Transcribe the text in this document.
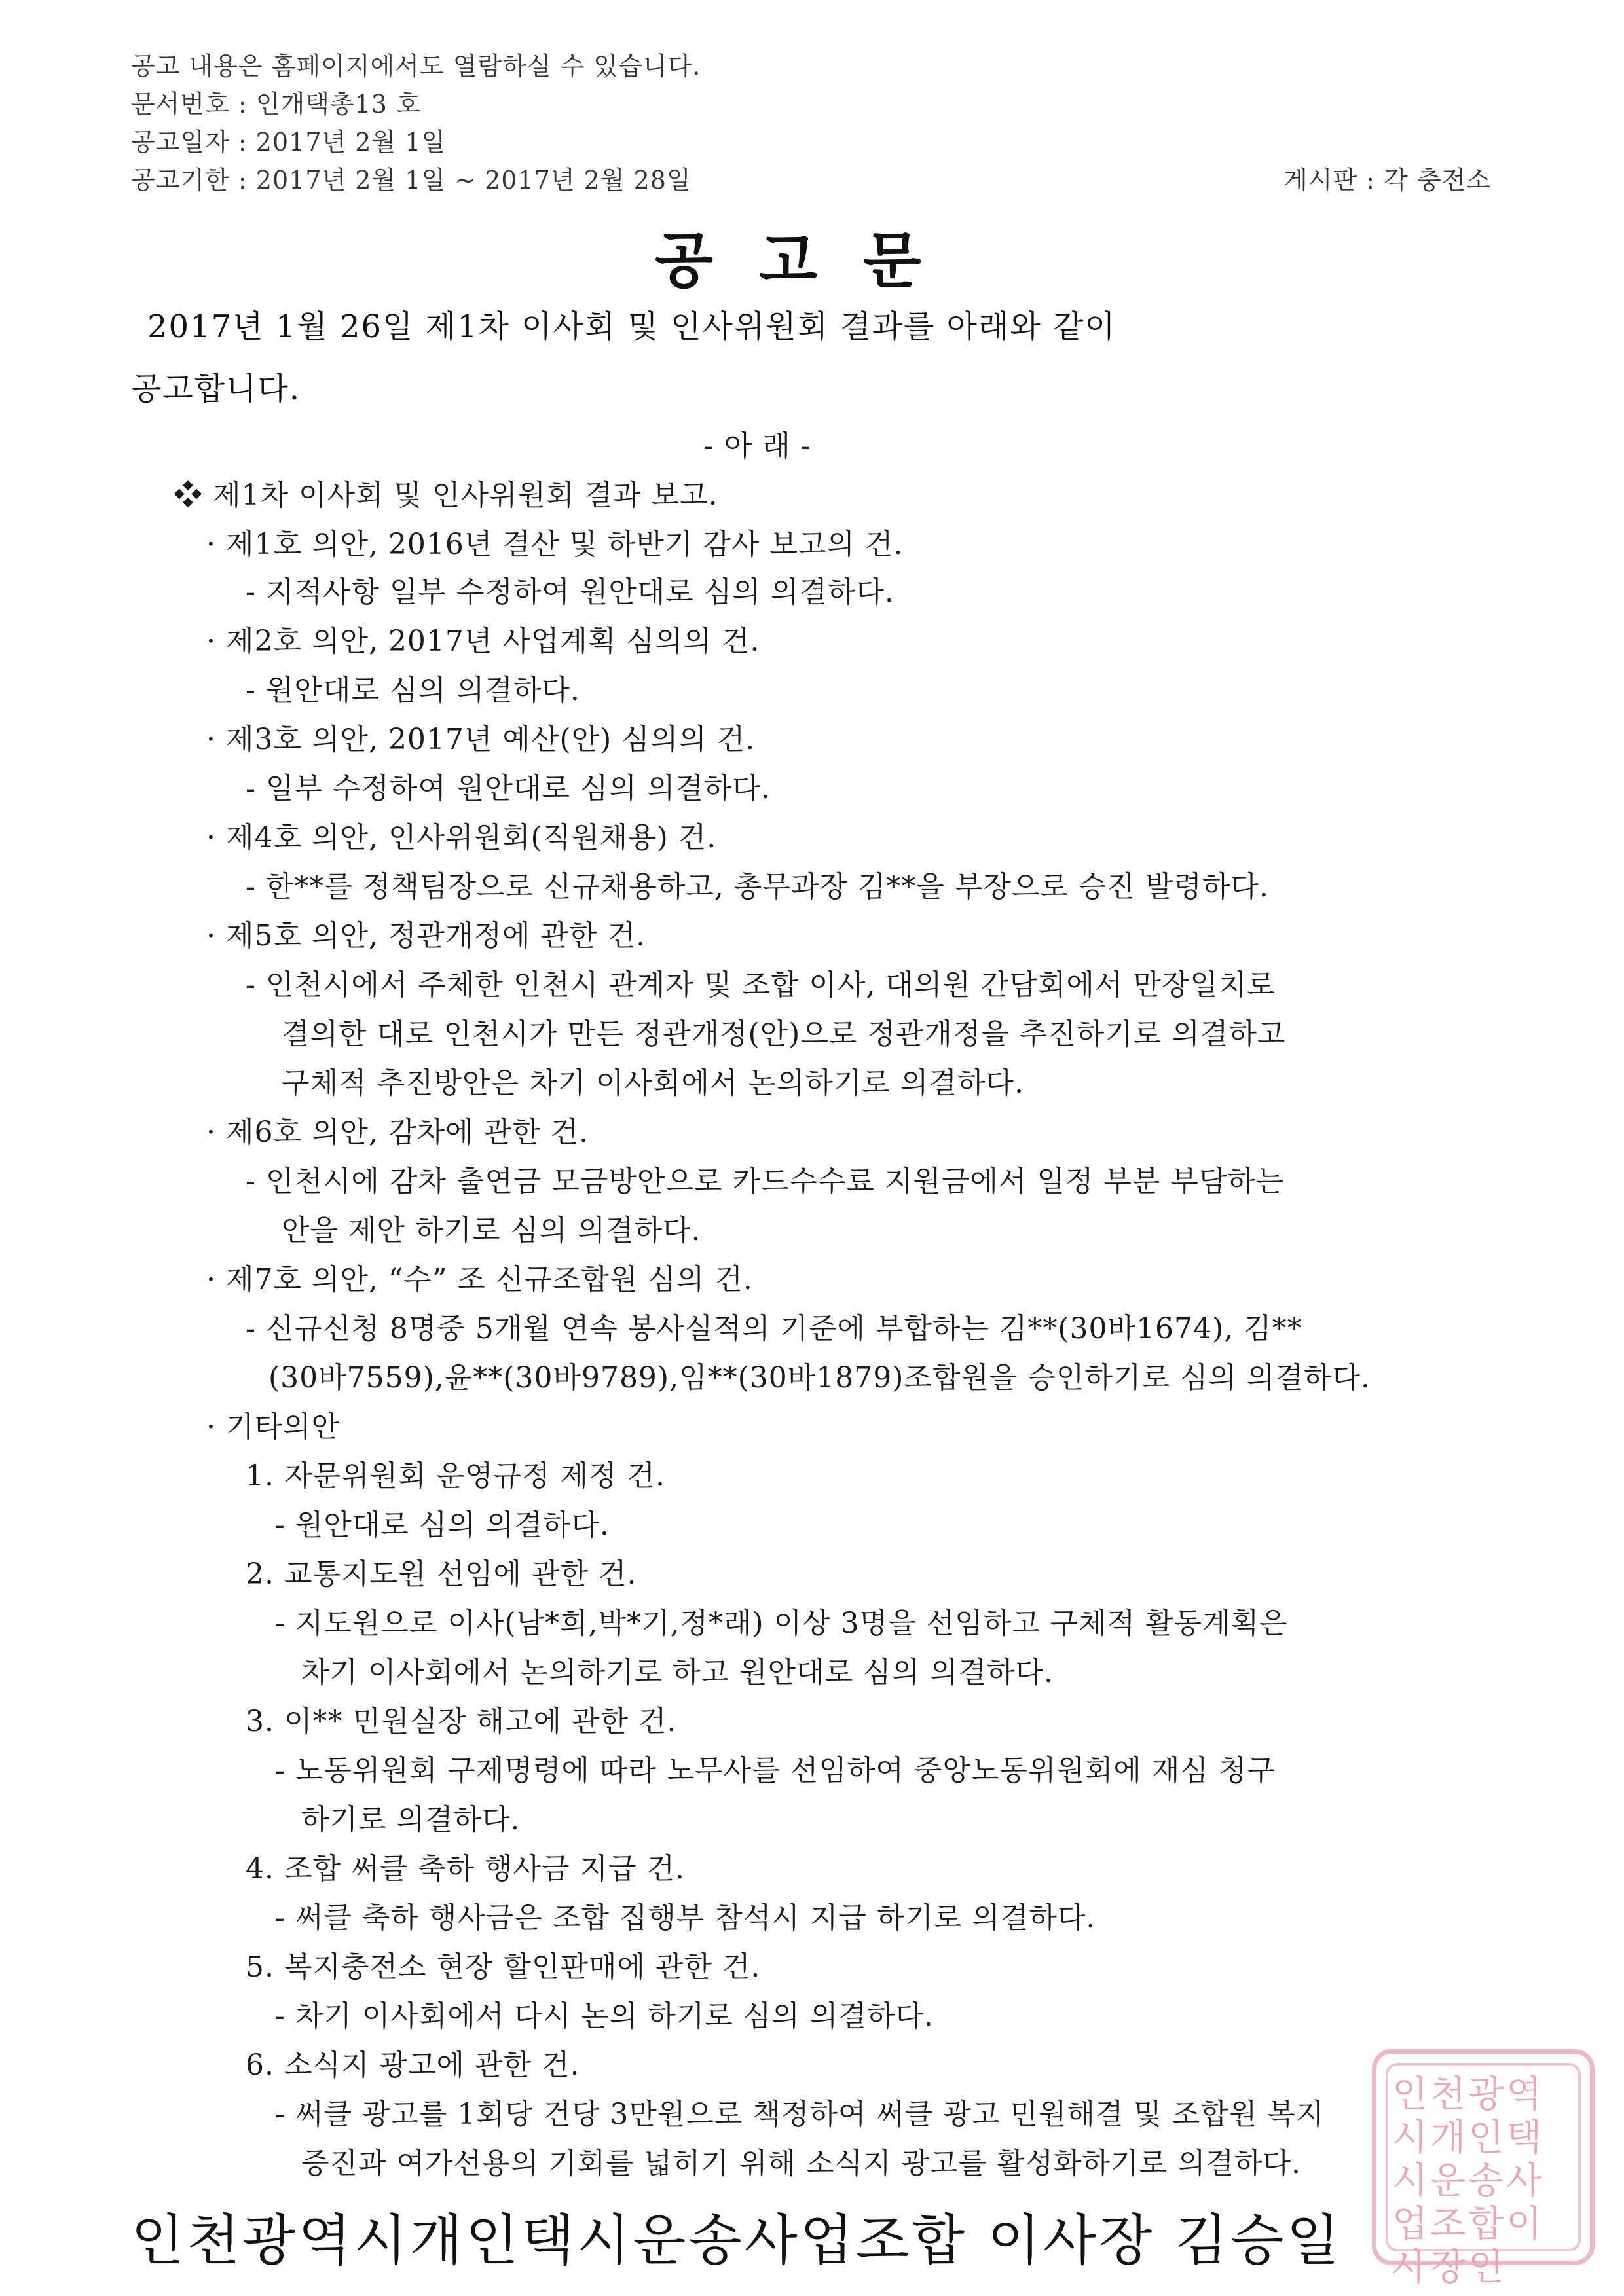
공고 내용은 홈페이지에서도 열람하실 수 있습니다.
문서번호 : 인개택총13 호
공고일자 : 2017년 2월 1일
공고기한 : 2017년 2월 1일 ~ 2017년 2월 28일	게시판 : 각 충전소
공고문
2017년 1월 26일 제1차 이사회 및 인사위원회 결과를 아래와 같이
공고합니다.
- 아 래 -
❖ 제1차 이사회 및 인사위원회 결과 보고.
· 제1호 의안, 2016년 결산 및 하반기 감사 보고의 건.
- 지적사항 일부 수정하여 원안대로 심의 의결하다.
· 제2호 의안, 2017년 사업계획 심의의 건.
- 원안대로 심의 의결하다.
· 제3호 의안, 2017년 예산(안) 심의의 건.
- 일부 수정하여 원안대로 심의 의결하다.
· 제4호 의안, 인사위원회(직원채용) 건.
- 한**를 정책팀장으로 신규채용하고, 총무과장 김**을 부장으로 승진 발령하다.
· 제5호 의안, 정관개정에 관한 건.
- 인천시에서 주체한 인천시 관계자 및 조합 이사, 대의원 간담회에서 만장일치로
결의한 대로 인천시가 만든 정관개정(안)으로 정관개정을 추진하기로 의결하고
구체적 추진방안은 차기 이사회에서 논의하기로 의결하다.
· 제6호 의안, 감차에 관한 건.
- 인천시에 감차 출연금 모금방안으로 카드수수료 지원금에서 일정 부분 부담하는
안을 제안 하기로 심의 의결하다.
· 제7호 의안, “수” 조 신규조합원 심의 건.
- 신규신청 8명중 5개월 연속 봉사실적의 기준에 부합하는 김**(30바1674), 김**
(30바7559),윤**(30바9789),임**(30바1879)조합원을 승인하기로 심의 의결하다.
· 기타의안
1. 자문위원회 운영규정 제정 건.
- 원안대로 심의 의결하다.
2. 교통지도원 선임에 관한 건.
- 지도원으로 이사(남*희,박*기,정*래) 이상 3명을 선임하고 구체적 활동계획은
차기 이사회에서 논의하기로 하고 원안대로 심의 의결하다.
3. 이** 민원실장 해고에 관한 건.
- 노동위원회 구제명령에 따라 노무사를 선임하여 중앙노동위원회에 재심 청구
하기로 의결하다.
4. 조합 써클 축하 행사금 지급 건.
- 써클 축하 행사금은 조합 집행부 참석시 지급 하기로 의결하다.
5. 복지충전소 현장 할인판매에 관한 건.
- 차기 이사회에서 다시 논의 하기로 심의 의결하다.
6. 소식지 광고에 관한 건.
- 써클 광고를 1회당 건당 3만원으로 책정하여 써클 광고 민원해결 및 조합원 복지
증진과 여가선용의 기회를 넓히기 위해 소식지 광고를 활성화하기로 의결하다.
인천광역시개인택시운송사업조합이사장인
인천광역시개인택시운송사업조합 이사장 김승일
